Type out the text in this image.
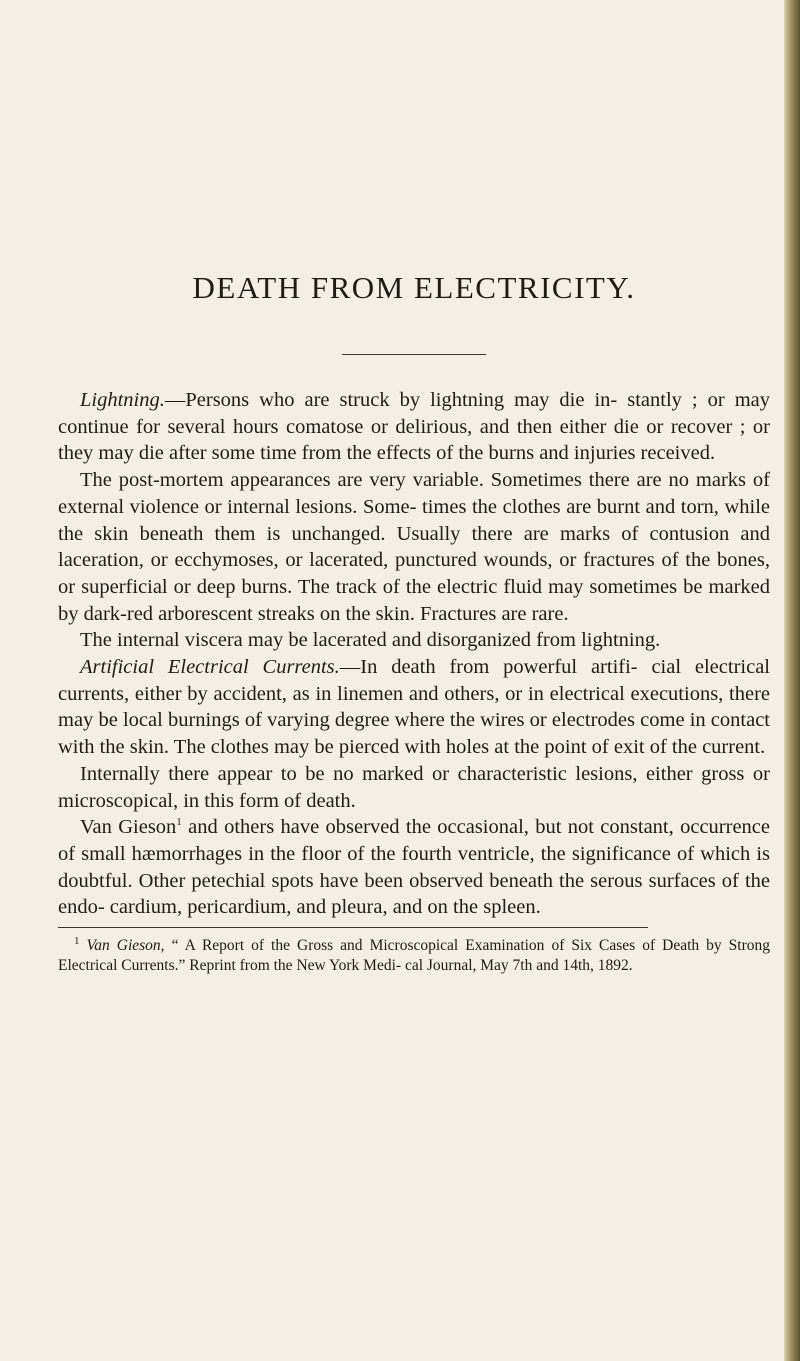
DEATH FROM ELECTRICITY.

Lightning.—Persons who are struck by lightning may die in- stantly ; or may continue for several hours comatose or delirious, and then either die or recover ; or they may die after some time from the effects of the burns and injuries received.

The post-mortem appearances are very variable. Sometimes there are no marks of external violence or internal lesions. Some- times the clothes are burnt and torn, while the skin beneath them is unchanged. Usually there are marks of contusion and laceration, or ecchymoses, or lacerated, punctured wounds, or fractures of the bones, or superficial or deep burns. The track of the electric fluid may sometimes be marked by dark-red arborescent streaks on the skin. Fractures are rare.

The internal viscera may be lacerated and disorganized from lightning.

Artificial Electrical Currents.—In death from powerful artifi- cial electrical currents, either by accident, as in linemen and others, or in electrical executions, there may be local burnings of varying degree where the wires or electrodes come in contact with the skin. The clothes may be pierced with holes at the point of exit of the current.

Internally there appear to be no marked or characteristic lesions, either gross or microscopical, in this form of death.

Van Gieson$^1$ and others have observed the occasional, but not constant, occurrence of small hæmorrhages in the floor of the fourth ventricle, the significance of which is doubtful. Other petechial spots have been observed beneath the serous surfaces of the endo- cardium, pericardium, and pleura, and on the spleen.

$^1$ Van Gieson, “ A Report of the Gross and Microscopical Examination of Six Cases of Death by Strong Electrical Currents.” Reprint from the New York Medi- cal Journal, May 7th and 14th, 1892.
